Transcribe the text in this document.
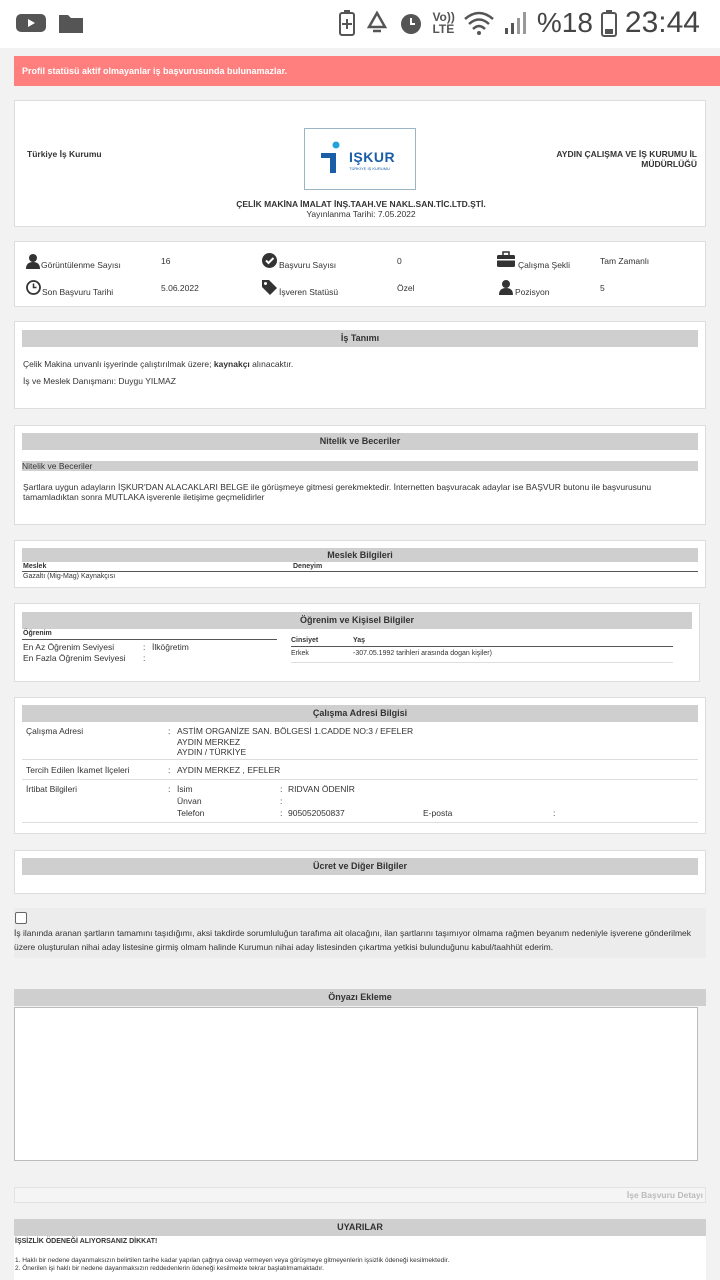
Vo))
LTE	%18 23:44
Profil statüsü aktif olmayanlar iş başvurusunda bulunamazlar.
Türkiye İş Kurumu	AYDIN ÇALIŞMA VE İŞ KURUMU İL MÜDÜRLÜĞÜ
IŞKUR
TÜRKİYE İŞ KURUMU
ÇELİK MAKİNA İMALAT İNŞ.TAAH.VE NAKL.SAN.TİC.LTD.ŞTİ.
Yayınlanma Tarihi: 7.05.2022
Görüntülenme Sayısı	16	Başvuru Sayısı	0	Çalışma Şekli	Tam Zamanlı
Son Başvuru Tarihi	5.06.2022	İşveren Statüsü	Özel	Pozisyon	5
İş Tanımı
Çelik Makina unvanlı işyerinde çalıştırılmak üzere; kaynakçı alınacaktır.
İş ve Meslek Danışmanı: Duygu YILMAZ
Nitelik ve Beceriler
Nitelik ve Beceriler
Şartlara uygun adayların İŞKUR'DAN ALACAKLARI BELGE ile görüşmeye gitmesi gerekmektedir. İnternetten başvuracak adaylar ise BAŞVUR butonu ile başvurusunu tamamladıktan sonra MUTLAKA işverenle iletişime geçmelidirler
Meslek Bilgileri
Meslek	Deneyim
Gazaltı (Mig-Mag) Kaynakçısı
Öğrenim ve Kişisel Bilgiler
Öğrenim
En Az Öğrenim Seviyesi	: İlköğretim
En Fazla Öğrenim Seviyesi :
Cinsiyet	Yaş
Erkek	-307.05.1992 tarihleri arasında dogan kişiler)
Çalışma Adresi Bilgisi
Çalışma Adresi	: ASTİM ORGANİZE SAN. BÖLGESİ 1.CADDE NO:3 / EFELER
AYDIN MERKEZ
AYDIN / TÜRKİYE
Tercih Edilen İkamet İlçeleri	: AYDIN MERKEZ , EFELER
İrtibat Bilgileri	: İsim	: RIDVAN ÖDENİR
Ünvan	:
Telefon	: 905052050837	E-posta	:
Ücret ve Diğer Bilgiler
İş ilanında aranan şartların tamamını taşıdığımı, aksi takdirde sorumluluğun tarafıma ait olacağını, ilan şartlarını taşımıyor olmama rağmen beyanım nedeniyle işverene gönderilmek üzere oluşturulan nihai aday listesine girmiş olmam halinde Kurumun nihai aday listesinden çıkartma yetkisi bulunduğunu kabul/taahhüt ederim.
Önyazı Ekleme
İşe Başvuru Detayı
UYARILAR
İŞSİZLİK ÖDENEĞİ ALIYORSANIZ DİKKAT!
1. Haklı bir nedene dayanmaksızın belirtilen tarihe kadar yapılan çağrıya cevap vermeyen veya görüşmeye gitmeyenlerin işsizlik ödeneği kesilmektedir.
2. Önerilen işi haklı bir nedene dayanmaksızın reddedenlerin ödeneği kesilmekte tekrar başlatılmamaktadır.
